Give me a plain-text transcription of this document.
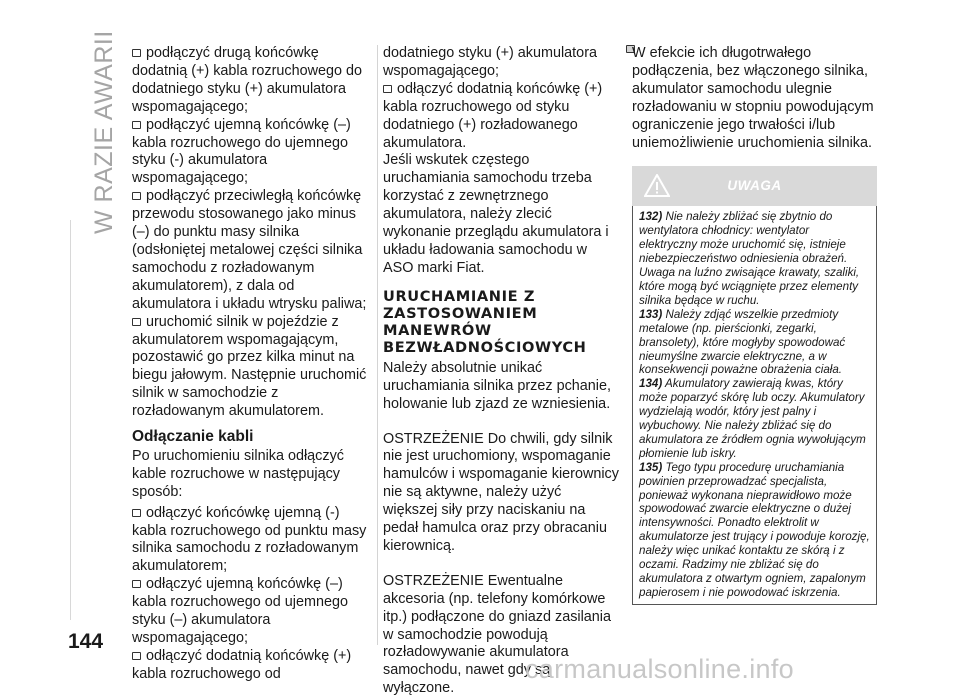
W RAZIE AWARII
144

podłączyć drugą końcówkę dodatnią (+) kabla rozruchowego do dodatniego styku (+) akumulatora wspomagającego;

podłączyć ujemną końcówkę (–) kabla rozruchowego do ujemnego styku (-) akumulatora wspomagającego;

podłączyć przeciwległą końcówkę przewodu stosowanego jako minus (–) do punktu masy silnika (odsłoniętej metalowej części silnika samochodu z rozładowanym akumulatorem), z dala od akumulatora i układu wtrysku paliwa;

uruchomić silnik w pojeździe z akumulatorem wspomagającym, pozostawić go przez kilka minut na biegu jałowym. Następnie uruchomić silnik w samochodzie z rozładowanym akumulatorem.

Odłączanie kabli

Po uruchomieniu silnika odłączyć kable rozruchowe w następujący sposób:

odłączyć końcówkę ujemną (-) kabla rozruchowego od punktu masy silnika samochodu z rozładowanym akumulatorem;

odłączyć ujemną końcówkę (–) kabla rozruchowego od ujemnego styku (–) akumulatora wspomagającego;

odłączyć dodatnią końcówkę (+) kabla rozruchowego od

dodatniego styku (+) akumulatora wspomagającego;

odłączyć dodatnią końcówkę (+) kabla rozruchowego od styku dodatniego (+) rozładowanego akumulatora.

Jeśli wskutek częstego uruchamiania samochodu trzeba korzystać z zewnętrznego akumulatora, należy zlecić wykonanie przeglądu akumulatora i układu ładowania samochodu w ASO marki Fiat.

URUCHAMIANIE Z ZASTOSOWANIEM MANEWRÓW BEZWŁADNOŚCIOWYCH

Należy absolutnie unikać uruchamiania silnika przez pchanie, holowanie lub zjazd ze wzniesienia.

OSTRZEŻENIE Do chwili, gdy silnik nie jest uruchomiony, wspomaganie hamulców i wspomaganie kierownicy nie są aktywne, należy użyć większej siły przy naciskaniu na pedał hamulca oraz przy obracaniu kierownicą.

OSTRZEŻENIE Ewentualne akcesoria (np. telefony komórkowe itp.) podłączone do gniazd zasilania w samochodzie powodują rozładowywanie akumulatora samochodu, nawet gdy są wyłączone.

W efekcie ich długotrwałego podłączenia, bez włączonego silnika, akumulator samochodu ulegnie rozładowaniu w stopniu powodującym ograniczenie jego trwałości i/lub uniemożliwienie uruchomienia silnika.

UWAGA

132) Nie należy zbliżać się zbytnio do wentylatora chłodnicy: wentylator elektryczny może uruchomić się, istnieje niebezpieczeństwo odniesienia obrażeń. Uwaga na luźno zwisające krawaty, szaliki, które mogą być wciągnięte przez elementy silnika będące w ruchu.

133) Należy zdjąć wszelkie przedmioty metalowe (np. pierścionki, zegarki, bransolety), które mogłyby spowodować nieumyślne zwarcie elektryczne, a w konsekwencji poważne obrażenia ciała.

134) Akumulatory zawierają kwas, który może poparzyć skórę lub oczy. Akumulatory wydzielają wodór, który jest palny i wybuchowy. Nie należy zbliżać się do akumulatora ze źródłem ognia wywołującym płomienie lub iskry.

135) Tego typu procedurę uruchamiania powinien przeprowadzać specjalista, ponieważ wykonana nieprawidłowo może spowodować zwarcie elektryczne o dużej intensywności. Ponadto elektrolit w akumulatorze jest trujący i powoduje korozję, należy więc unikać kontaktu ze skórą i z oczami. Radzimy nie zbliżać się do akumulatora z otwartym ogniem, zapalonym papierosem i nie powodować iskrzenia.

carmanualsonline.info
